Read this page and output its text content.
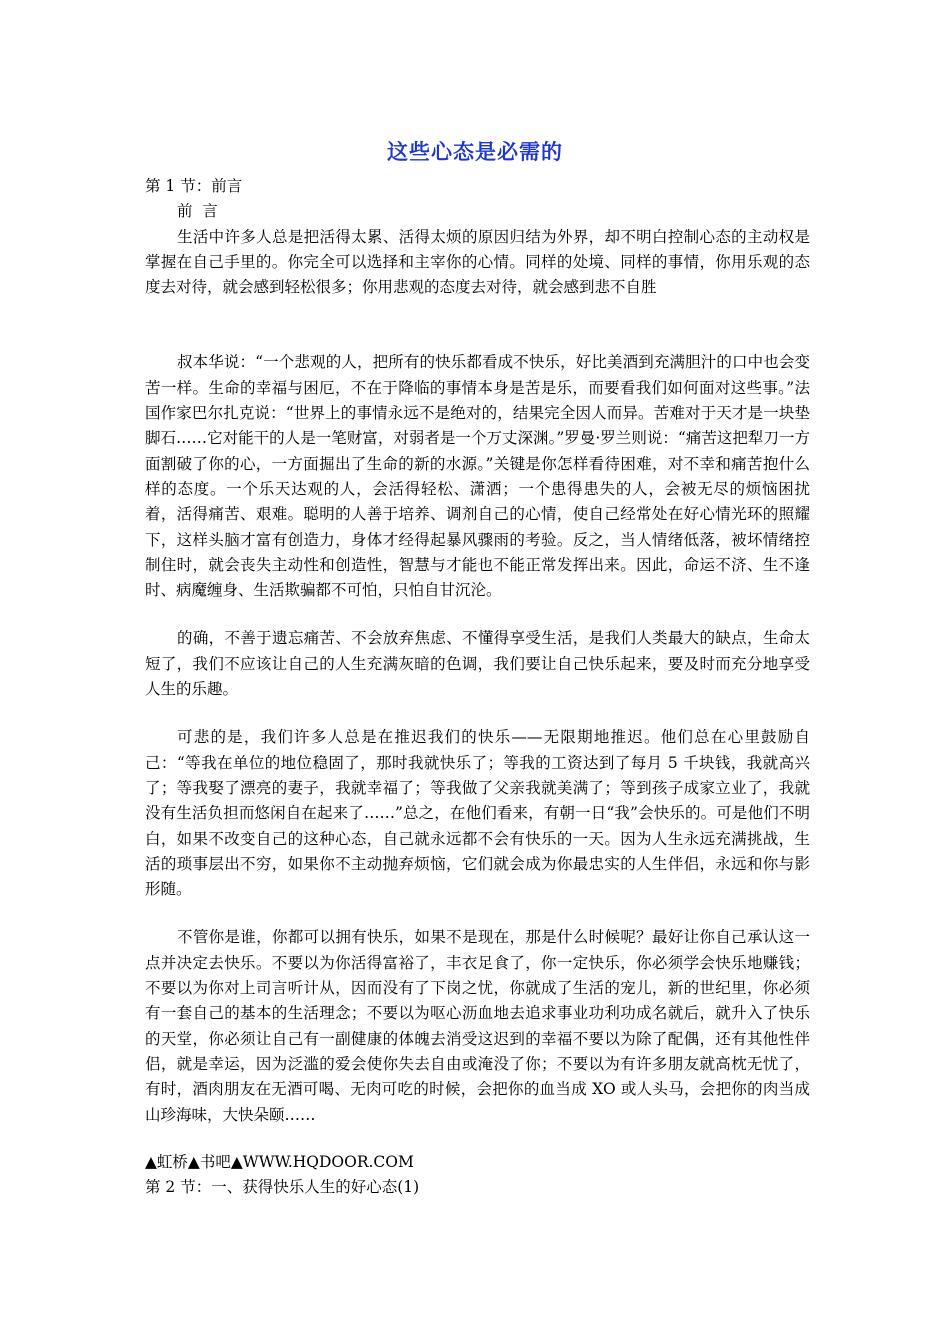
这些心态是必需的
第 1 节：前言
前  言

生活中许多人总是把活得太累、活得太烦的原因归结为外界，却不明白控制心态的主动权是掌握在自己手里的。你完全可以选择和主宰你的心情。同样的处境、同样的事情，你用乐观的态度去对待，就会感到轻松很多；你用悲观的态度去对待，就会感到悲不自胜

叔本华说：“一个悲观的人，把所有的快乐都看成不快乐，好比美酒到充满胆汁的口中也会变苦一样。生命的幸福与困厄，不在于降临的事情本身是苦是乐，而要看我们如何面对这些事。”法国作家巴尔扎克说：“世界上的事情永远不是绝对的，结果完全因人而异。苦难对于天才是一块垫脚石……它对能干的人是一笔财富，对弱者是一个万丈深渊。”罗曼·罗兰则说：“痛苦这把犁刀一方面割破了你的心，一方面掘出了生命的新的水源。”关键是你怎样看待困难，对不幸和痛苦抱什么样的态度。一个乐天达观的人，会活得轻松、潇洒；一个患得患失的人，会被无尽的烦恼困扰着，活得痛苦、艰难。聪明的人善于培养、调剂自己的心情，使自己经常处在好心情光环的照耀下，这样头脑才富有创造力，身体才经得起暴风骤雨的考验。反之，当人情绪低落，被坏情绪控制住时，就会丧失主动性和创造性，智慧与才能也不能正常发挥出来。因此，命运不济、生不逢时、病魔缠身、生活欺骗都不可怕，只怕自甘沉沦。

的确，不善于遗忘痛苦、不会放弃焦虑、不懂得享受生活，是我们人类最大的缺点，生命太短了，我们不应该让自己的人生充满灰暗的色调，我们要让自己快乐起来，要及时而充分地享受人生的乐趣。

可悲的是，我们许多人总是在推迟我们的快乐——无限期地推迟。他们总在心里鼓励自己：“等我在单位的地位稳固了，那时我就快乐了；等我的工资达到了每月 5 千块钱，我就高兴了；等我娶了漂亮的妻子，我就幸福了；等我做了父亲我就美满了；等到孩子成家立业了，我就没有生活负担而悠闲自在起来了……”总之，在他们看来，有朝一日“我”会快乐的。可是他们不明白，如果不改变自己的这种心态，自己就永远都不会有快乐的一天。因为人生永远充满挑战，生活的琐事层出不穷，如果你不主动抛弃烦恼，它们就会成为你最忠实的人生伴侣，永远和你与影形随。

不管你是谁，你都可以拥有快乐，如果不是现在，那是什么时候呢？最好让你自己承认这一点并决定去快乐。不要以为你活得富裕了，丰衣足食了，你一定快乐，你必须学会快乐地赚钱；不要以为你对上司言听计从，因而没有了下岗之忧，你就成了生活的宠儿，新的世纪里，你必须有一套自己的基本的生活理念；不要以为呕心沥血地去追求事业功利功成名就后，就升入了快乐的天堂，你必须让自己有一副健康的体魄去消受这迟到的幸福不要以为除了配偶，还有其他性伴侣，就是幸运，因为泛滥的爱会使你失去自由或淹没了你；不要以为有许多朋友就高枕无忧了，有时，酒肉朋友在无酒可喝、无肉可吃的时候，会把你的血当成 XO 或人头马，会把你的肉当成山珍海味，大快朵颐……

▲虹桥▲书吧▲WWW.HQDOOR.COM
第 2 节：一、获得快乐人生的好心态(1)
